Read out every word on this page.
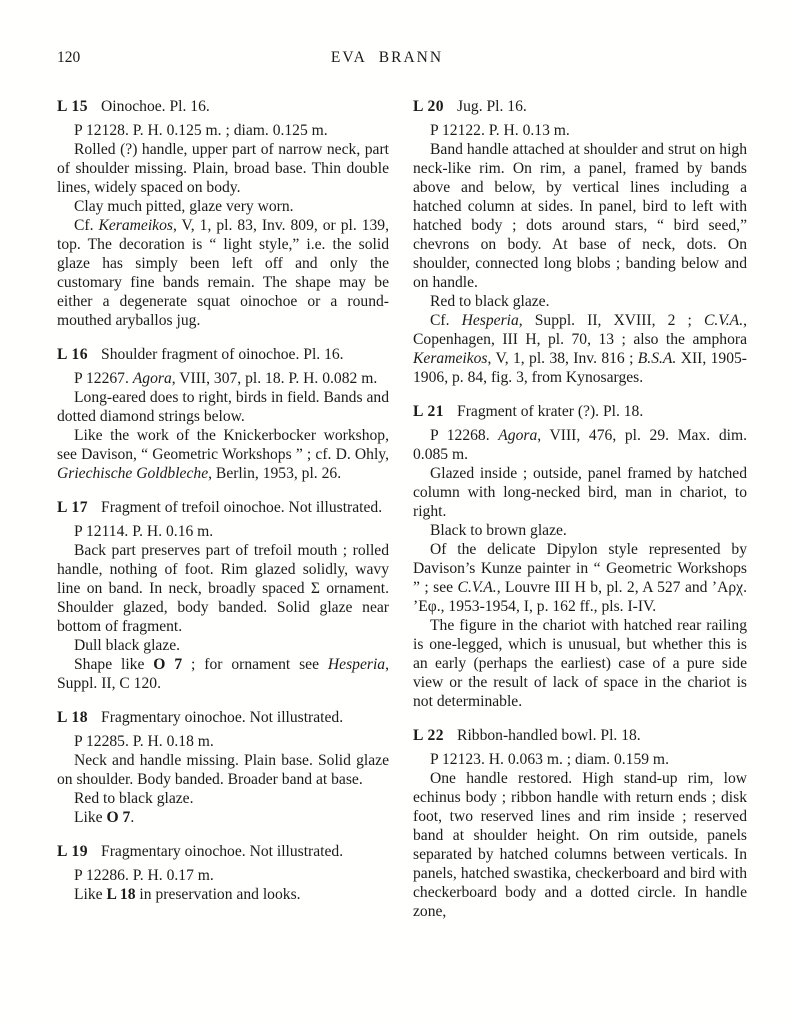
120	EVA BRANN

L 15 Oinochoe. Pl. 16.

P 12128. P. H. 0.125 m. ; diam. 0.125 m.

Rolled (?) handle, upper part of narrow neck, part of shoulder missing. Plain, broad base. Thin double lines, widely spaced on body.

Clay much pitted, glaze very worn.

Cf. Kerameikos, V, 1, pl. 83, Inv. 809, or pl. 139, top. The decoration is “ light style,” i.e. the solid glaze has simply been left off and only the customary fine bands remain. The shape may be either a degenerate squat oinochoe or a round-mouthed aryballos jug.

L 16 Shoulder fragment of oinochoe. Pl. 16.

P 12267. Agora, VIII, 307, pl. 18. P. H. 0.082 m.

Long-eared does to right, birds in field. Bands and dotted diamond strings below.

Like the work of the Knickerbocker workshop, see Davison, “ Geometric Workshops ” ; cf. D. Ohly, Griechische Goldbleche, Berlin, 1953, pl. 26.

L 17 Fragment of trefoil oinochoe. Not illustrated.

P 12114. P. H. 0.16 m.

Back part preserves part of trefoil mouth ; rolled handle, nothing of foot. Rim glazed solidly, wavy line on band. In neck, broadly spaced Σ ornament. Shoulder glazed, body banded. Solid glaze near bottom of fragment.

Dull black glaze.

Shape like O 7 ; for ornament see Hesperia, Suppl. II, C 120.

L 18 Fragmentary oinochoe. Not illustrated.

P 12285. P. H. 0.18 m.

Neck and handle missing. Plain base. Solid glaze on shoulder. Body banded. Broader band at base.

Red to black glaze.

Like O 7.

L 19 Fragmentary oinochoe. Not illustrated.

P 12286. P. H. 0.17 m.

Like L 18 in preservation and looks.

L 20 Jug. Pl. 16.

P 12122. P. H. 0.13 m.

Band handle attached at shoulder and strut on high neck-like rim. On rim, a panel, framed by bands above and below, by vertical lines including a hatched column at sides. In panel, bird to left with hatched body ; dots around stars, “ bird seed,” chevrons on body. At base of neck, dots. On shoulder, connected long blobs ; banding below and on handle.

Red to black glaze.

Cf. Hesperia, Suppl. II, XVIII, 2 ; C.V.A., Copenhagen, III H, pl. 70, 13 ; also the amphora Kerameikos, V, 1, pl. 38, Inv. 816 ; B.S.A. XII, 1905-1906, p. 84, fig. 3, from Kynosarges.

L 21 Fragment of krater (?). Pl. 18.

P 12268. Agora, VIII, 476, pl. 29. Max. dim. 0.085 m.

Glazed inside ; outside, panel framed by hatched column with long-necked bird, man in chariot, to right.

Black to brown glaze.

Of the delicate Dipylon style represented by Davison’s Kunze painter in “ Geometric Workshops ” ; see C.V.A., Louvre III H b, pl. 2, A 527 and ’Αρχ. ’Εφ., 1953-1954, I, p. 162 ff., pls. I-IV.

The figure in the chariot with hatched rear railing is one-legged, which is unusual, but whether this is an early (perhaps the earliest) case of a pure side view or the result of lack of space in the chariot is not determinable.

L 22 Ribbon-handled bowl. Pl. 18.

P 12123. H. 0.063 m. ; diam. 0.159 m.

One handle restored. High stand-up rim, low echinus body ; ribbon handle with return ends ; disk foot, two reserved lines and rim inside ; reserved band at shoulder height. On rim outside, panels separated by hatched columns between verticals. In panels, hatched swastika, checkerboard and bird with checkerboard body and a dotted circle. In handle zone,
